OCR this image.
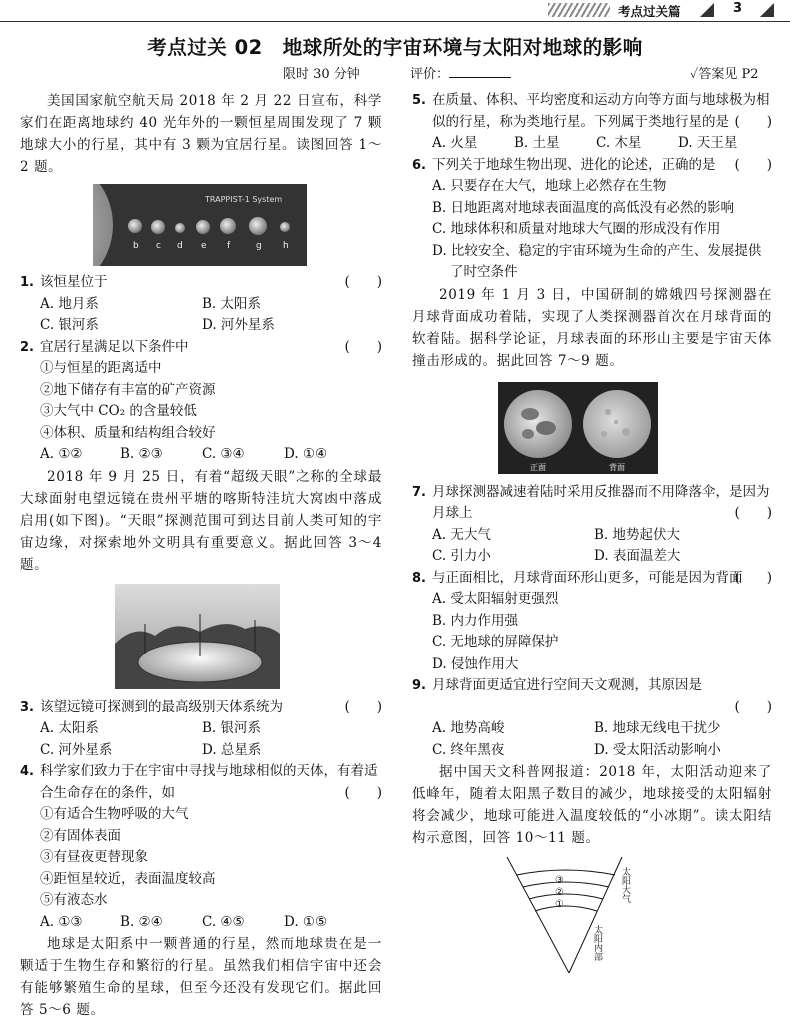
考点过关篇	3
考点过关 02　地球所处的宇宙环境与太阳对地球的影响
限时 30 分钟	评价：	✓答案见 P2

美国国家航空航天局 2018 年 2 月 22 日宣布，科学家们在距离地球约 40 光年外的一颗恒星周围发现了 7 颗地球大小的行星，其中有 3 颗为宜居行星。读图回答 1～2 题。

TRAPPIST-1 System
b c d e f	g h
1. 该恒星位于	(　　)
A. 地月系	B. 太阳系
C. 银河系	D. 河外星系
2. 宜居行星满足以下条件中	(　　)
①与恒星的距离适中
②地下储存有丰富的矿产资源
③大气中 CO₂ 的含量较低
④体积、质量和结构组合较好
A. ①②	B. ②③	C. ③④	D. ①④

2018 年 9 月 25 日，有着“超级天眼”之称的全球最大球面射电望远镜在贵州平塘的喀斯特洼坑大窝凼中落成启用(如下图)。“天眼”探测范围可到达目前人类可知的宇宙边缘，对探索地外文明具有重要意义。据此回答 3～4 题。

3. 该望远镜可探测到的最高级别天体系统为	(　　)
A. 太阳系	B. 银河系
C. 河外星系	D. 总星系
4. 科学家们致力于在宇宙中寻找与地球相似的天体，有着适合生命存在的条件，如	(　　)
①有适合生物呼吸的大气
②有固体表面
③有昼夜更替现象
④距恒星较近，表面温度较高
⑤有液态水
A. ①③	B. ②④	C. ④⑤	D. ①⑤

地球是太阳系中一颗普通的行星，然而地球贵在是一颗适于生物生存和繁衍的行星。虽然我们相信宇宙中还会有能够繁殖生命的星球，但至今还没有发现它们。据此回答 5～6 题。

5. 在质量、体积、平均密度和运动方向等方面与地球极为相似的行星，称为类地行星。下列属于类地行星的是 (　　)
A. 火星	B. 土星	C. 木星	D. 天王星
6. 下列关于地球生物出现、进化的论述，正确的是 (　　)
A. 只要存在大气，地球上必然存在生物
B. 日地距离对地球表面温度的高低没有必然的影响
C. 地球体积和质量对地球大气圈的形成没有作用
D. 比较安全、稳定的宇宙环境为生命的产生、发展提供了时空条件

2019 年 1 月 3 日，中国研制的嫦娥四号探测器在月球背面成功着陆，实现了人类探测器首次在月球背面的软着陆。据科学论证，月球表面的环形山主要是宇宙天体撞击形成的。据此回答 7～9 题。

正面	背面
7. 月球探测器减速着陆时采用反推器而不用降落伞，是因为月球上	(　　)
A. 无大气	B. 地势起伏大
C. 引力小	D. 表面温差大
8. 与正面相比，月球背面环形山更多，可能是因为背面
(　　)
A. 受太阳辐射更强烈
B. 内力作用强
C. 无地球的屏障保护
D. 侵蚀作用大
9. 月球背面更适宜进行空间天文观测，其原因是
(　　)
A. 地势高峻	B. 地球无线电干扰少
C. 终年黑夜	D. 受太阳活动影响小

据中国天文科普网报道：2018 年，太阳活动迎来了低峰年，随着太阳黑子数目的减少，地球接受的太阳辐射将会减少，地球可能进入温度较低的“小冰期”。读太阳结构示意图，回答 10～11 题。

③
②
①
太阳大气
太阳内部
